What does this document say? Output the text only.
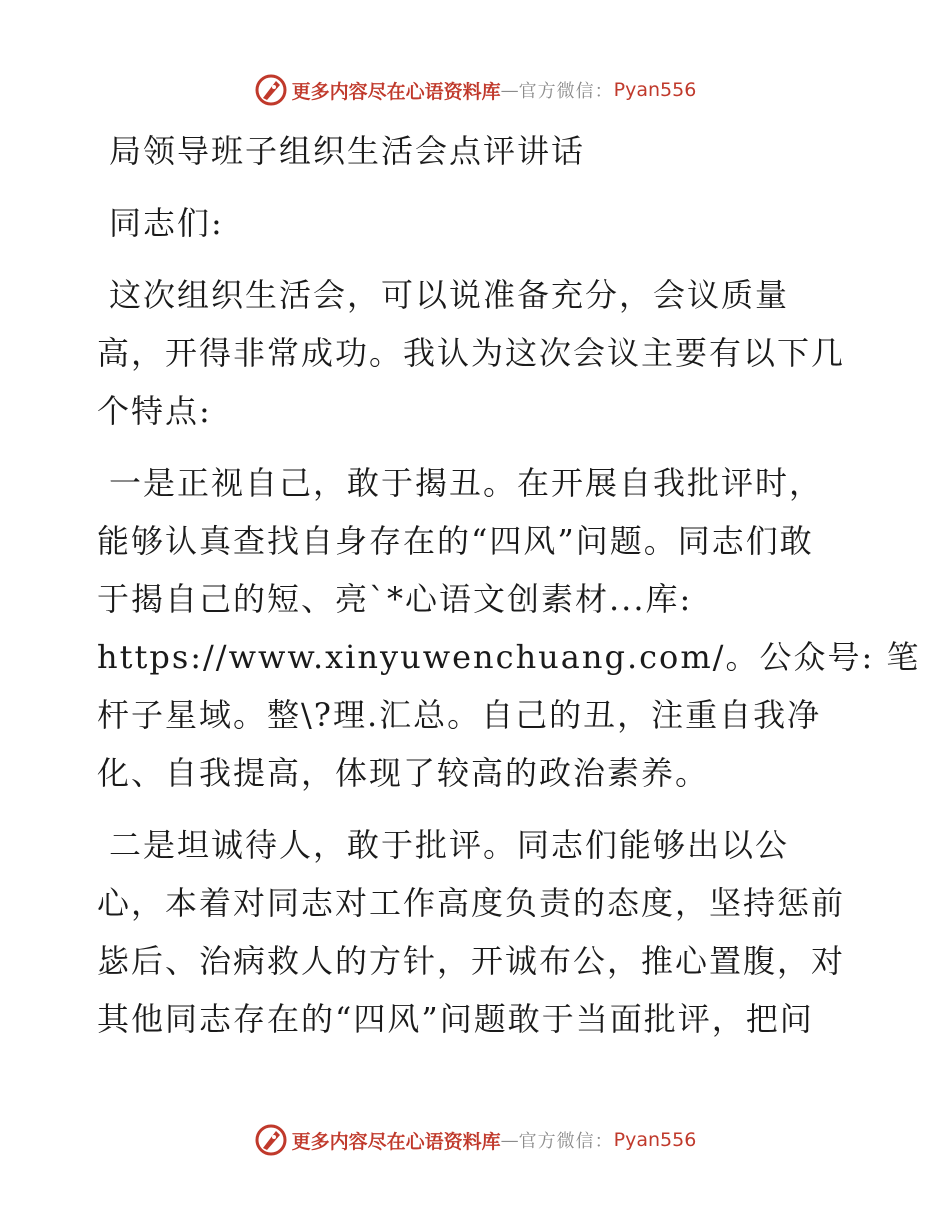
更多内容尽在心语资料库 — 官方微信： Pyan556
局领导班子组织生活会点评讲话
同志们:
这次组织生活会，可以说准备充分，会议质量
高，开得非常成功。我认为这次会议主要有以下几
个特点:
一是正视自己，敢于揭丑。在开展自我批评时，
能够认真查找自身存在的“四风”问题。同志们敢
于揭自己的短、亮`*心语文创素材...库:
https://www.xinyuwenchuang.com/。公众号: 笔
杆子星域。整\?理.汇总。自己的丑，注重自我净
化、自我提高，体现了较高的政治素养。
二是坦诚待人，敢于批评。同志们能够出以公
心，本着对同志对工作高度负责的态度，坚持惩前
毖后、治病救人的方针，开诚布公，推心置腹，对
其他同志存在的“四风”问题敢于当面批评，把问
更多内容尽在心语资料库 — 官方微信： Pyan556
